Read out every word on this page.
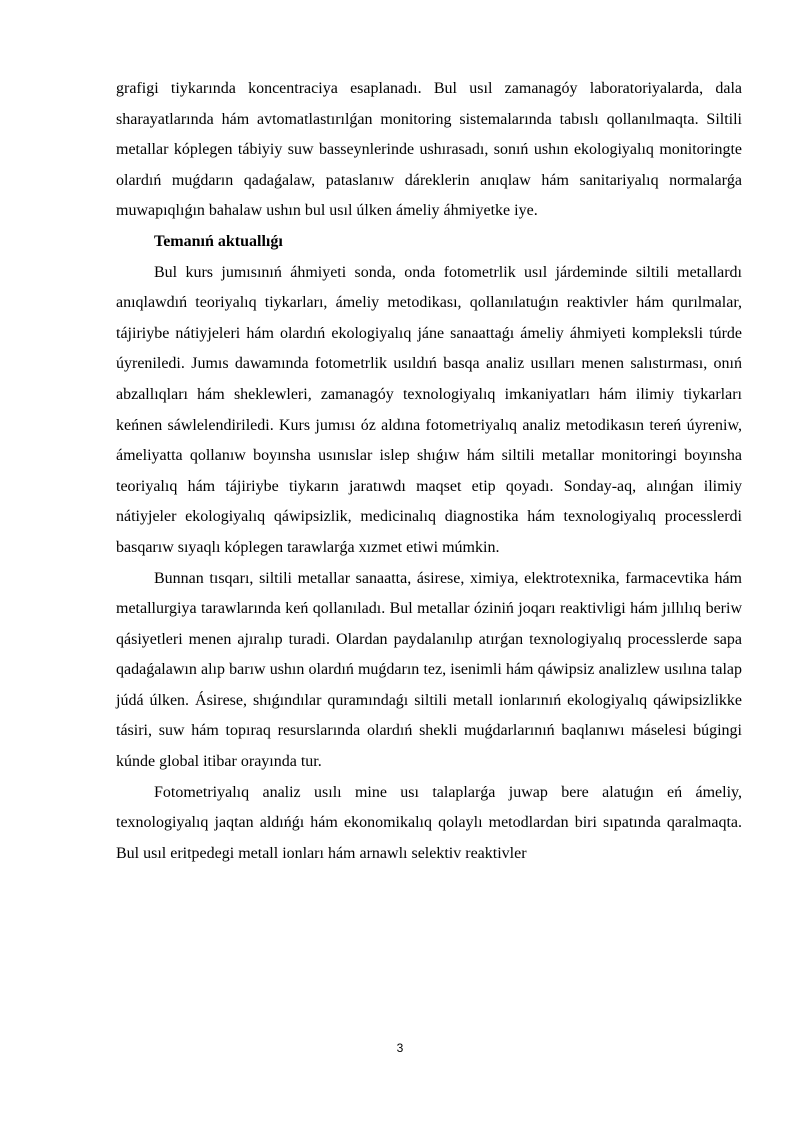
grafigi tiykarında koncentraciya esaplanadı. Bul usıl zamanagóy laboratoriyalarda, dala sharayatlarında hám avtomatlastırılǵan monitoring sistemalarında tabıslı qollanılmaqta. Siltili metallar kóplegen tábiyiy suw basseynlerinde ushırasadı, sonıń ushın ekologiyalıq monitoringte olardıń muǵdarın qadaǵalaw, pataslanıw dáreklerin anıqlaw hám sanitariyalıq normalarǵa muwapıqlıǵın bahalaw ushın bul usıl úlken ámeliy áhmiyetke iye.

Temanıń aktuallıǵı

Bul kurs jumısınıń áhmiyeti sonda, onda fotometrlik usıl járdeminde siltili metallardı anıqlawdıń teoriyalıq tiykarları, ámeliy metodikası, qollanılatuǵın reaktivler hám qurılmalar, tájiriybe nátiyjeleri hám olardıń ekologiyalıq jáne sanaattaǵı ámeliy áhmiyeti kompleksli túrde úyreniledi. Jumıs dawamında fotometrlik usıldıń basqa analiz usılları menen salıstırması, onıń abzallıqları hám sheklewleri, zamanagóy texnologiyalıq imkaniyatları hám ilimiy tiykarları keńnen sáwlelendiriledi. Kurs jumısı óz aldına fotometriyalıq analiz metodikasın tereń úyreniw, ámeliyatta qollanıw boyınsha usınıslar islep shıǵıw hám siltili metallar monitoringi boyınsha teoriyalıq hám tájiriybe tiykarın jaratıwdı maqset etip qoyadı. Sonday-aq, alınǵan ilimiy nátiyjeler ekologiyalıq qáwipsizlik, medicinalıq diagnostika hám texnologiyalıq processlerdi basqarıw sıyaqlı kóplegen tarawlarǵa xızmet etiwi múmkin.

Bunnan tısqarı, siltili metallar sanaatta, ásirese, ximiya, elektrotexnika, farmacevtika hám metallurgiya tarawlarında keń qollanıladı. Bul metallar óziniń joqarı reaktivligi hám jıllılıq beriw qásiyetleri menen ajıralıp turadi. Olardan paydalanılıp atırǵan texnologiyalıq processlerde sapa qadaǵalawın alıp barıw ushın olardıń muǵdarın tez, isenimli hám qáwipsiz analizlew usılına talap júdá úlken. Ásirese, shıǵındılar quramındaǵı siltili metall ionlarınıń ekologiyalıq qáwipsizlikke tásiri, suw hám topıraq resurslarında olardıń shekli muǵdarlarınıń baqlanıwı máselesi búgingi kúnde global itibar orayında tur.

Fotometriyalıq analiz usılı mine usı talaplarǵa juwap bere alatuǵın eń ámeliy, texnologiyalıq jaqtan aldıńǵı hám ekonomikalıq qolaylı metodlardan biri sıpatında qaralmaqta. Bul usıl eritpedegi metall ionları hám arnawlı selektiv reaktivler

3
